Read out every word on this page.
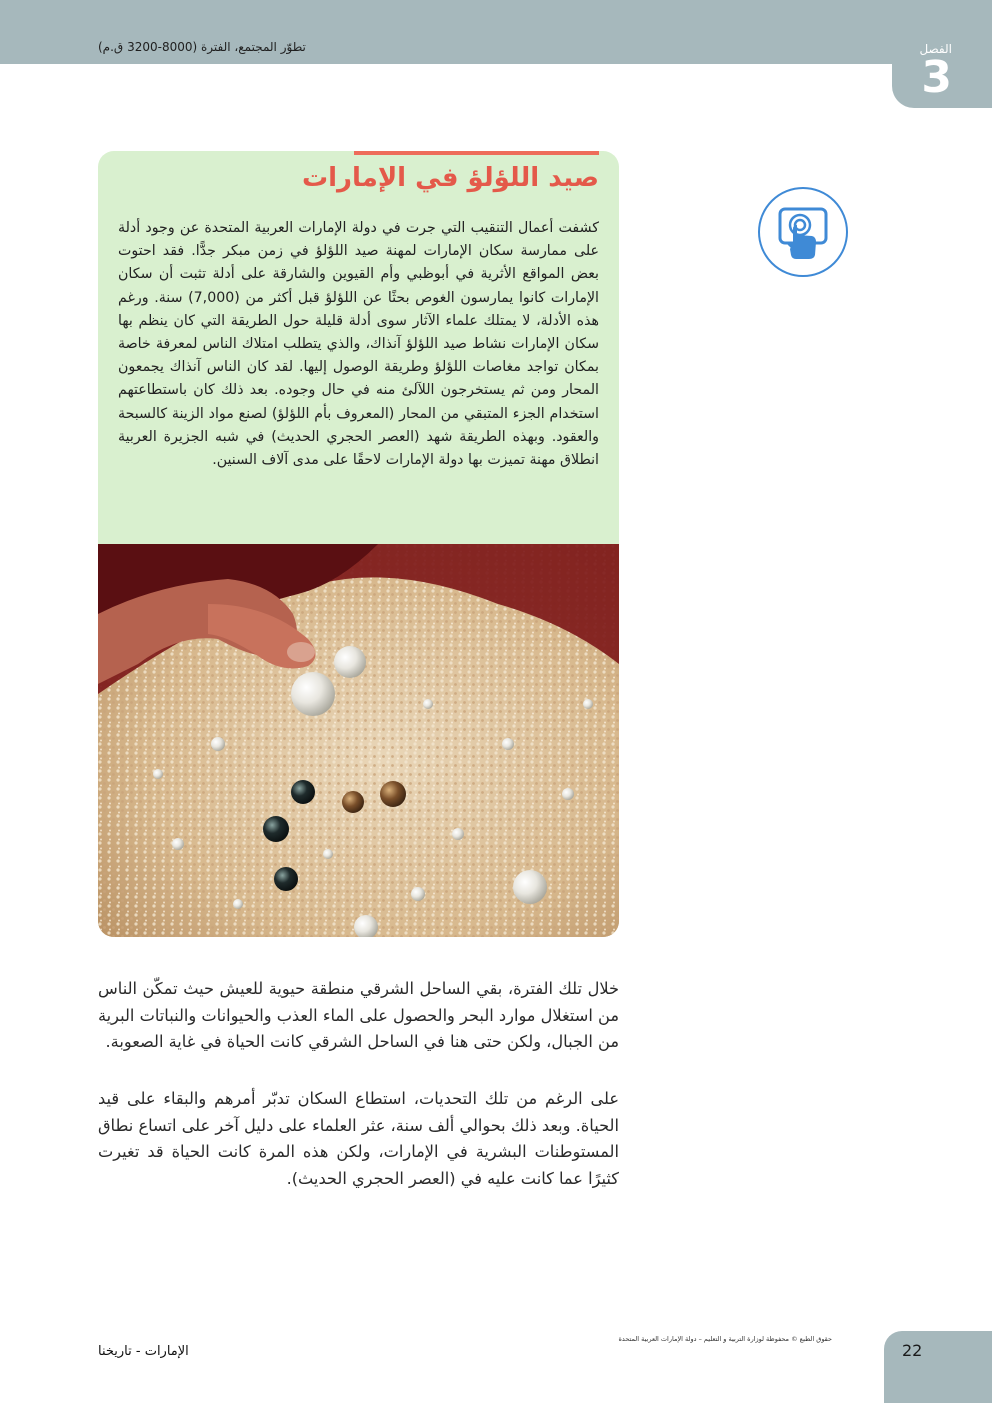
تطوّر المجتمع، الفترة (8000-3200 ق.م)	الفصل
3
صيد اللؤلؤ في الإمارات

كشفت أعمال التنقيب التي جرت في دولة الإمارات العربية المتحدة عن وجود أدلة على ممارسة سكان الإمارات لمهنة صيد اللؤلؤ في زمن مبكر جدًّا. فقد احتوت بعض المواقع الأثرية في أبوظبي وأم القيوين والشارقة على أدلة تثبت أن سكان الإمارات كانوا يمارسون الغوص بحثًا عن اللؤلؤ قبل أكثر من (7,000) سنة. ورغم هذه الأدلة، لا يمتلك علماء الآثار سوى أدلة قليلة حول الطريقة التي كان ينظم بها سكان الإمارات نشاط صيد اللؤلؤ آنذاك، والذي يتطلب امتلاك الناس لمعرفة خاصة بمكان تواجد مغاصات اللؤلؤ وطريقة الوصول إليها. لقد كان الناس آنذاك يجمعون المحار ومن ثم يستخرجون اللآلئ منه في حال وجوده. بعد ذلك كان باستطاعتهم استخدام الجزء المتبقي من المحار (المعروف بأم اللؤلؤ) لصنع مواد الزينة كالسبحة والعقود. وبهذه الطريقة شهد (العصر الحجري الحديث) في شبه الجزيرة العربية انطلاق مهنة تميزت بها دولة الإمارات لاحقًا على مدى آلاف السنين.

خلال تلك الفترة، بقي الساحل الشرقي منطقة حيوية للعيش حيث تمكّن الناس من استغلال موارد البحر والحصول على الماء العذب والحيوانات والنباتات البرية من الجبال، ولكن حتى هنا في الساحل الشرقي كانت الحياة في غاية الصعوبة.

على الرغم من تلك التحديات، استطاع السكان تدبّر أمرهم والبقاء على قيد الحياة. وبعد ذلك بحوالي ألف سنة، عثر العلماء على دليل آخر على اتساع نطاق المستوطنات البشرية في الإمارات، ولكن هذه المرة كانت الحياة قد تغيرت كثيرًا عما كانت عليه في (العصر الحجري الحديث).

الإمارات - تاريخنا
حقوق الطبع © محفوظة لوزارة التربية و التعليم – دولة الإمارات العربية المتحدة
22
